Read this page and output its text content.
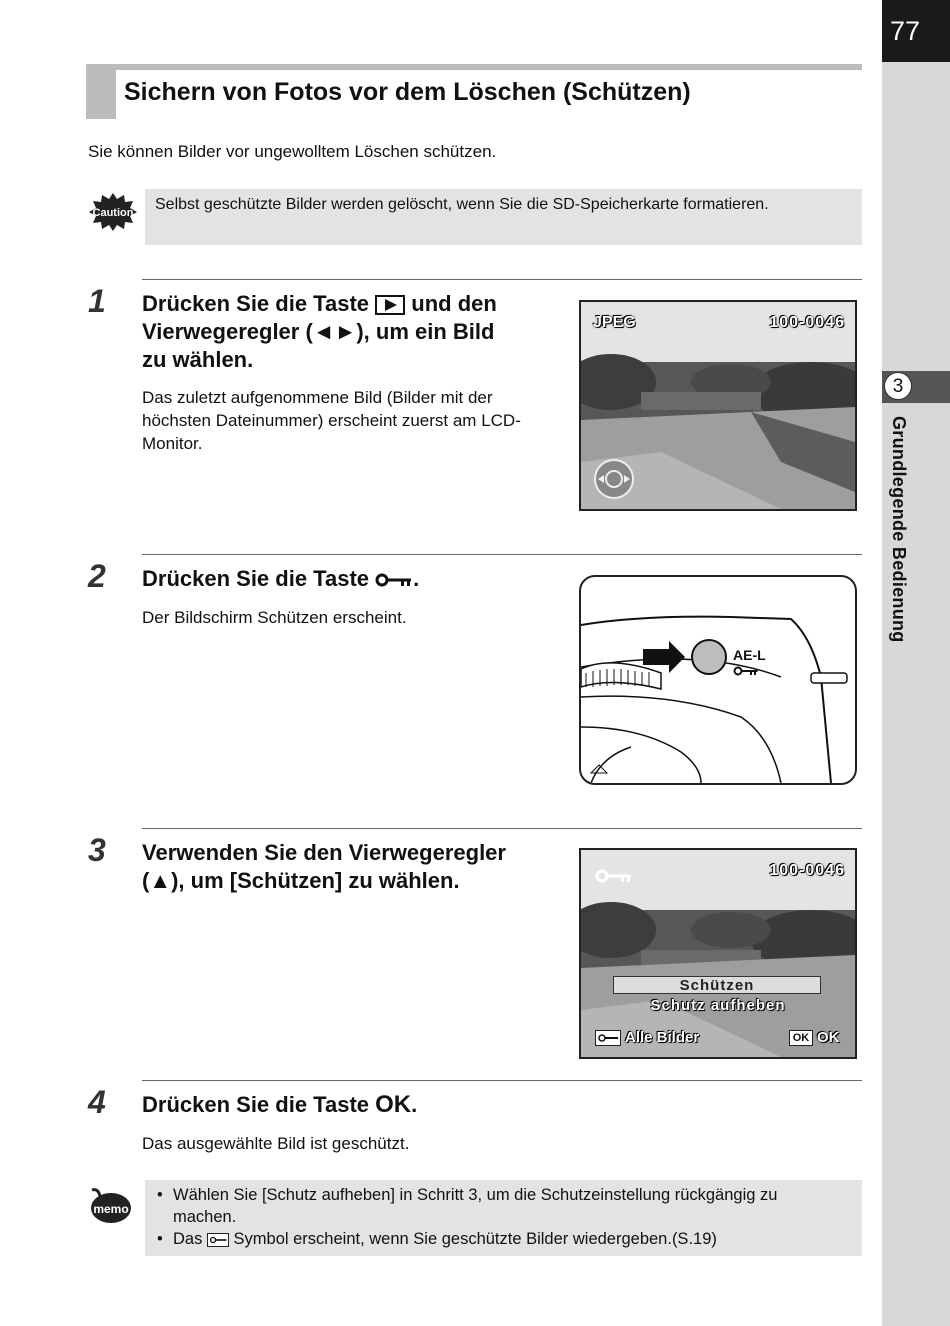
77
3
Grundlegende Bedienung
Sichern von Fotos vor dem Löschen (Schützen)
Sie können Bilder vor ungewolltem Löschen schützen.
Caution Selbst geschützte Bilder werden gelöscht, wenn Sie die SD-Speicherkarte formatieren.
1 Drücken Sie die Taste und den
Vierwegeregler (◄►), um ein Bild
zu wählen.
Das zuletzt aufgenommene Bild (Bilder mit der höchsten Dateinummer) erscheint zuerst am LCD-Monitor.
JPEG	100-0046
2 Drücken Sie die Taste .
Der Bildschirm Schützen erscheint.
AE-L
3 Verwenden Sie den Vierwegeregler
(▲), um [Schützen] zu wählen.	100-0046
Schützen
Schutz aufheben
Alle Bilder	OK OK
4 Drücken Sie die Taste OK.
Das ausgewählte Bild ist geschützt.
memo
• Wählen Sie [Schutz aufheben] in Schritt 3, um die Schutzeinstellung rückgängig zu machen.
• Das Symbol erscheint, wenn Sie geschützte Bilder wiedergeben.(S.19)
